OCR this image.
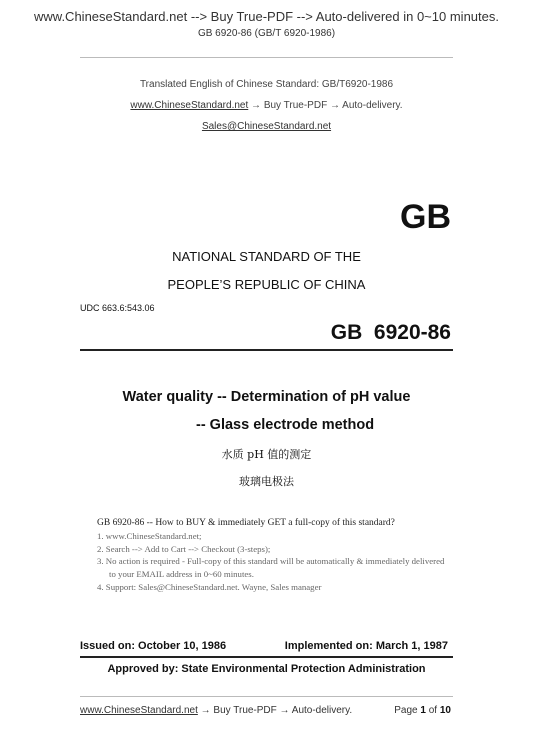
www.ChineseStandard.net --> Buy True-PDF --> Auto-delivered in 0~10 minutes.
GB 6920-86 (GB/T 6920-1986)
Translated English of Chinese Standard: GB/T6920-1986
www.ChineseStandard.net → Buy True-PDF → Auto-delivery.
Sales@ChineseStandard.net
GB
NATIONAL STANDARD OF THE
PEOPLE’S REPUBLIC OF CHINA
UDC 663.6:543.06
GB  6920-86
Water quality -- Determination of pH value
-- Glass electrode method
水质 pH 值的测定
玻璃电极法

GB 6920-86 -- How to BUY & immediately GET a full-copy of this standard?

1. www.ChineseStandard.net;
2. Search --> Add to Cart --> Checkout (3-steps);
3. No action is required - Full-copy of this standard will be automatically & immediately delivered to your EMAIL address in 0~60 minutes.
4. Support: Sales@ChineseStandard.net. Wayne, Sales manager
Issued on: October 10, 1986	Implemented on: March 1, 1987
Approved by: State Environmental Protection Administration
www.ChineseStandard.net → Buy True-PDF → Auto-delivery.	Page 1 of 10
